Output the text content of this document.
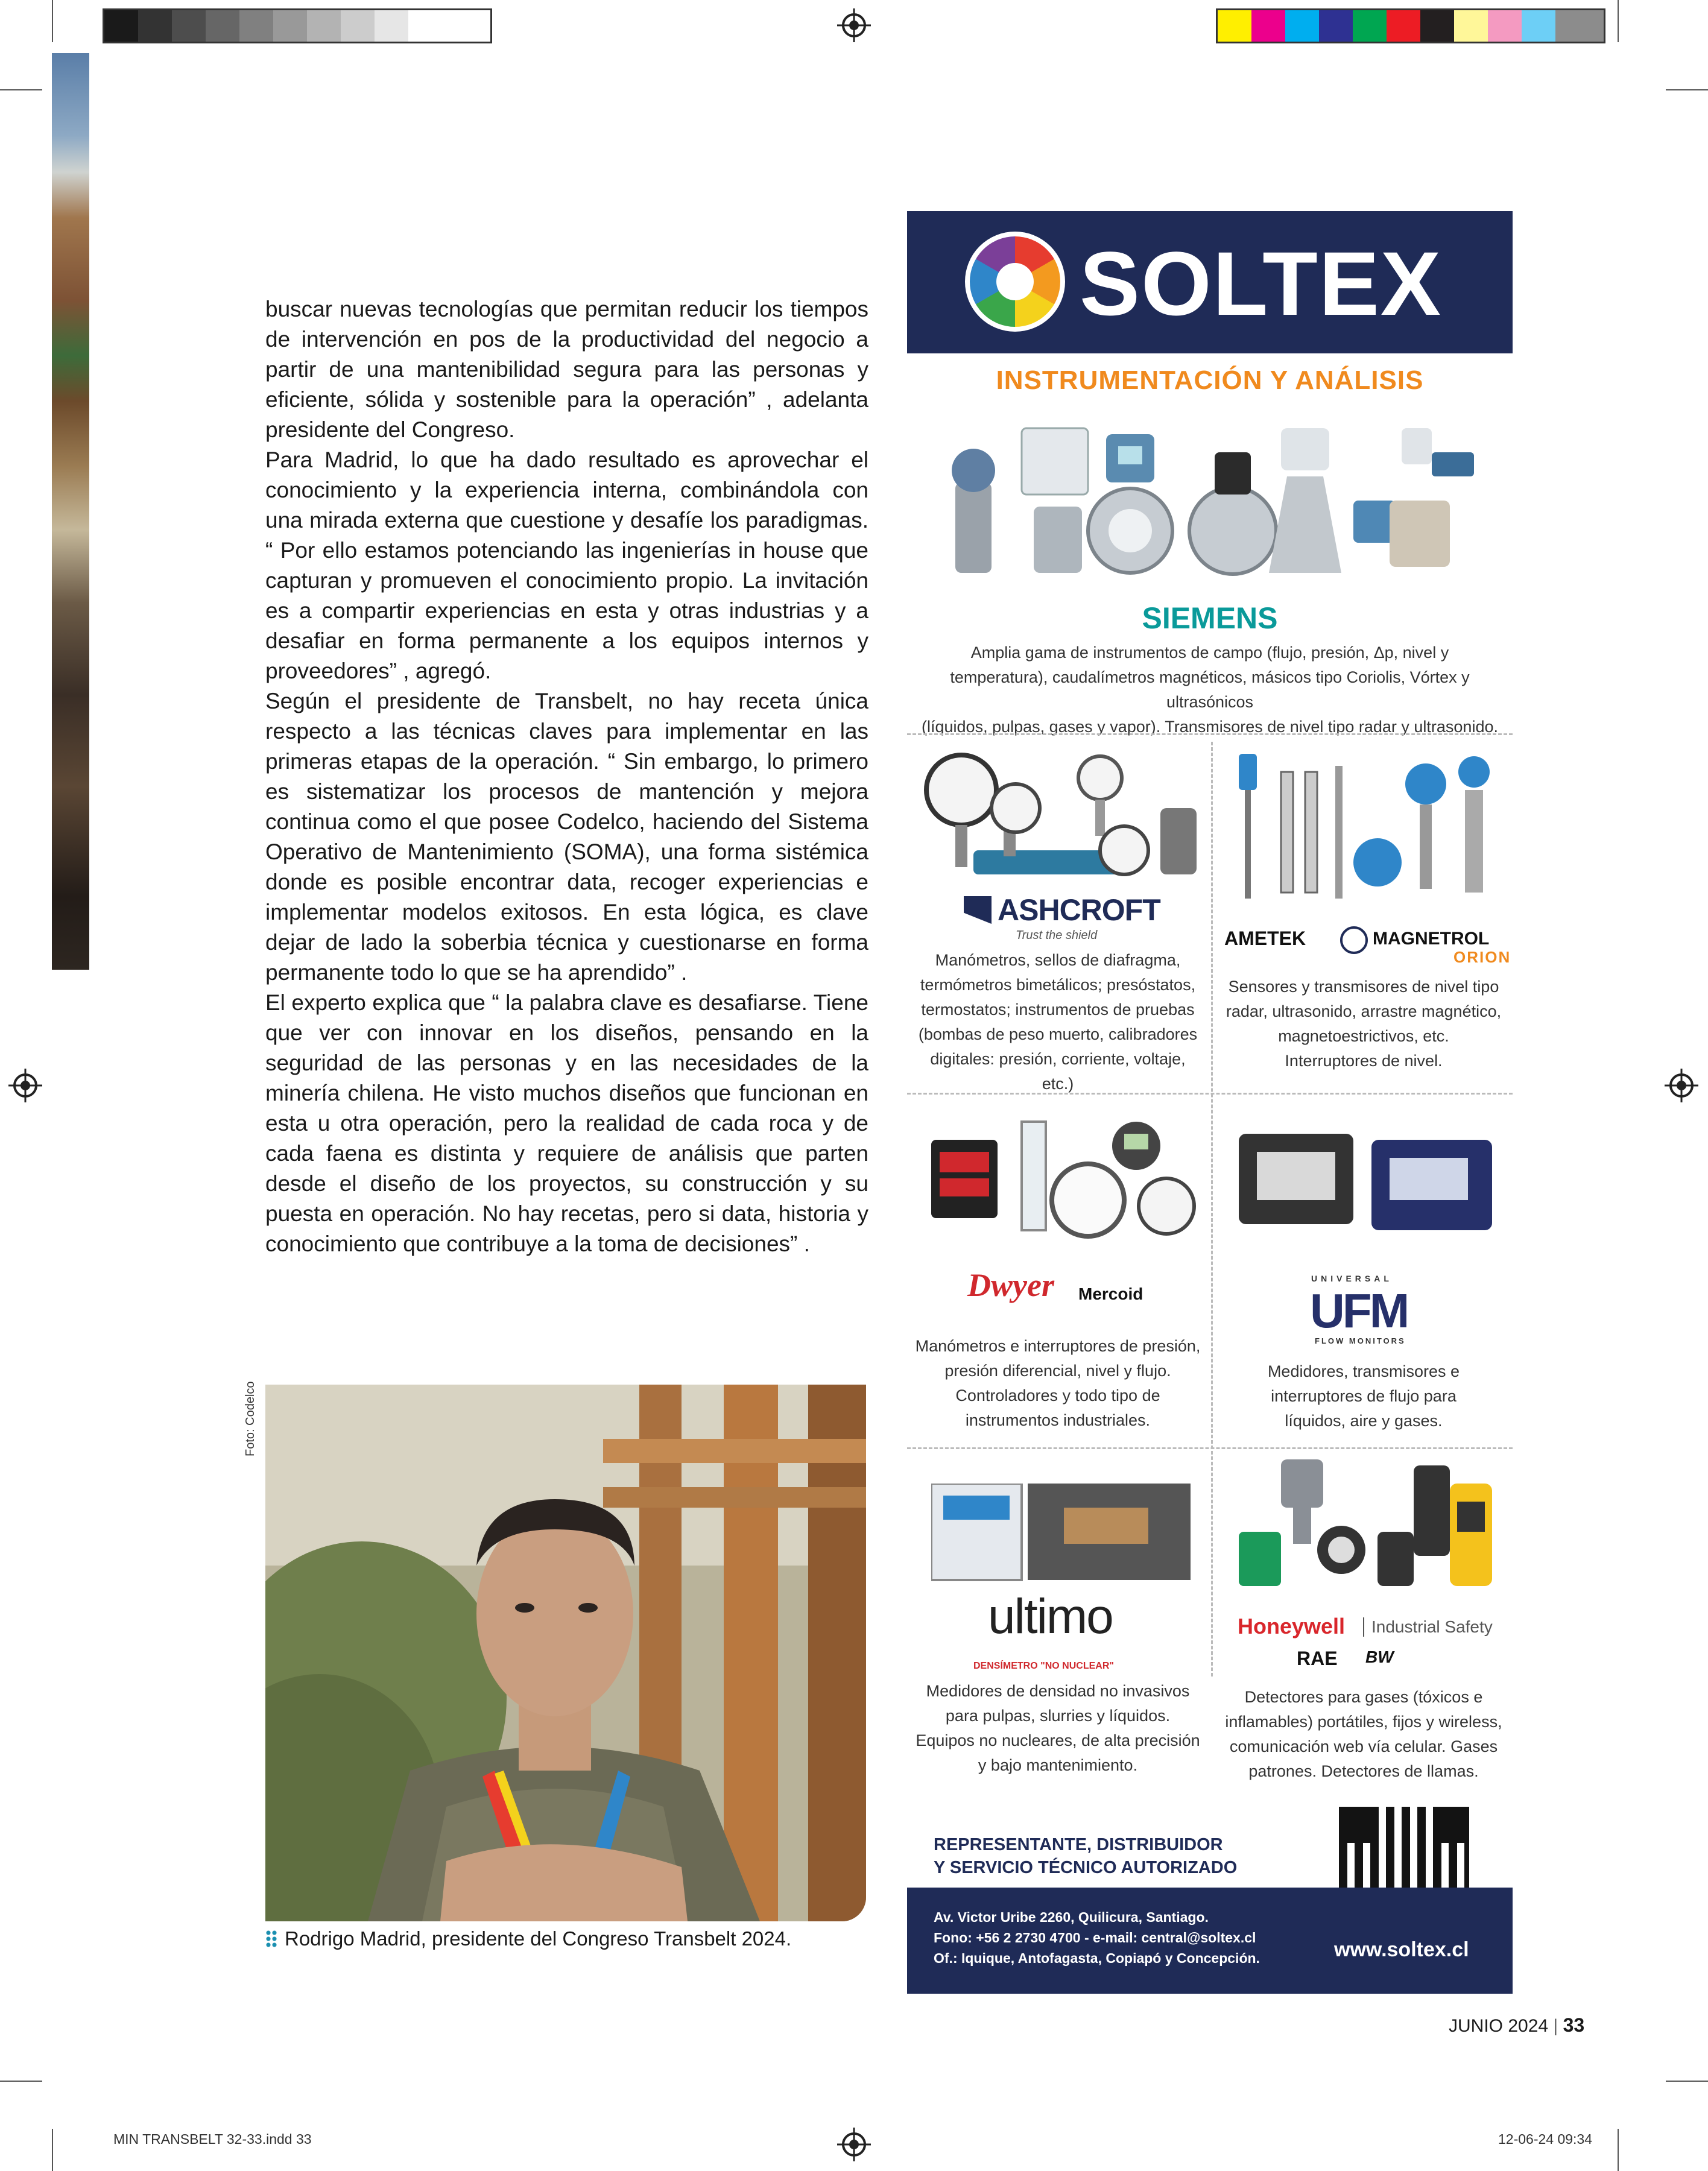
buscar nuevas tecnologías que permitan reducir los tiempos de intervención en pos de la productividad del negocio a partir de una mantenibilidad segura para las personas y eficiente, sólida y sostenible para la operación” , adelanta presidente del Congreso.

Para Madrid, lo que ha dado resultado es aprovechar el conocimiento y la experiencia interna, combinándola con una mirada externa que cuestione y desafíe los paradigmas. “ Por ello estamos potenciando las ingenierías in house que capturan y promueven el conocimiento propio. La invitación es a compartir experiencias en esta y otras industrias y a desafiar en forma permanente a los equipos internos y proveedores” , agregó.

Según el presidente de Transbelt, no hay receta única respecto a las técnicas claves para implementar en las primeras etapas de la operación. “ Sin embargo, lo primero es sistematizar los procesos de mantención y mejora continua como el que posee Codelco, haciendo del Sistema Operativo de Mantenimiento (SOMA), una forma sistémica donde es posible encontrar data, recoger experiencias e implementar modelos exitosos. En esta lógica, es clave dejar de lado la soberbia técnica y cuestionarse en forma permanente todo lo que se ha aprendido” .

El experto explica que “ la palabra clave es desafiarse. Tiene que ver con innovar en los diseños, pensando en la seguridad de las personas y en las necesidades de la minería chilena. He visto muchos diseños que funcionan en esta u otra operación, pero la realidad de cada roca y de cada faena es distinta y requiere de análisis que parten desde el diseño de los proyectos, su construcción y su puesta en operación. No hay recetas, pero si data, historia y conocimiento que contribuye a la toma de decisiones” .

Foto: Codelco
Rodrigo Madrid, presidente del Congreso Transbelt 2024.
SOLTEX
INSTRUMENTACIÓN Y ANÁLISIS
SIEMENS
Amplia gama de instrumentos de campo (flujo, presión, Δp, nivel y
temperatura), caudalímetros magnéticos, másicos tipo Coriolis, Vórtex y ultrasónicos
(líquidos, pulpas, gases y vapor). Transmisores de nivel tipo radar y ultrasonido.
ASHCROFT
Trust the shield
Manómetros, sellos de diafragma,
termómetros bimetálicos; presóstatos,
termostatos; instrumentos de pruebas
(bombas de peso muerto, calibradores
digitales: presión, corriente, voltaje, etc.)
AMETEK	MAGNETROL
ORION
Sensores y transmisores de nivel tipo
radar, ultrasonido, arrastre magnético,
magnetoestrictivos, etc.
Interruptores de nivel.
Dwyer Mercoid
Manómetros e interruptores de presión,
presión diferencial, nivel y flujo.
Controladores y todo tipo de
instrumentos industriales.
UNIVERSAL
UFM
FLOW MONITORS
Medidores, transmisores e
interruptores de flujo para
líquidos, aire y gases.
ultimo
DENSÍMETRO "NO NUCLEAR"
Medidores de densidad no invasivos
para pulpas, slurries y líquidos.
Equipos no nucleares, de alta precisión
y bajo mantenimiento.
Honeywell	Industrial Safety
RAE BW
Detectores para gases (tóxicos e
inflamables) portátiles, fijos y wireless,
comunicación web vía celular. Gases
patrones. Detectores de llamas.
REPRESENTANTE, DISTRIBUIDOR
Y SERVICIO TÉCNICO AUTORIZADO
Av. Victor Uribe 2260, Quilicura, Santiago.
Fono: +56 2 2730 4700 - e-mail: central@soltex.cl
Of.: Iquique, Antofagasta, Copiapó y Concepción.	www.soltex.cl
JUNIO 2024 | 33
MIN TRANSBELT 32-33.indd 33	12-06-24 09:34
